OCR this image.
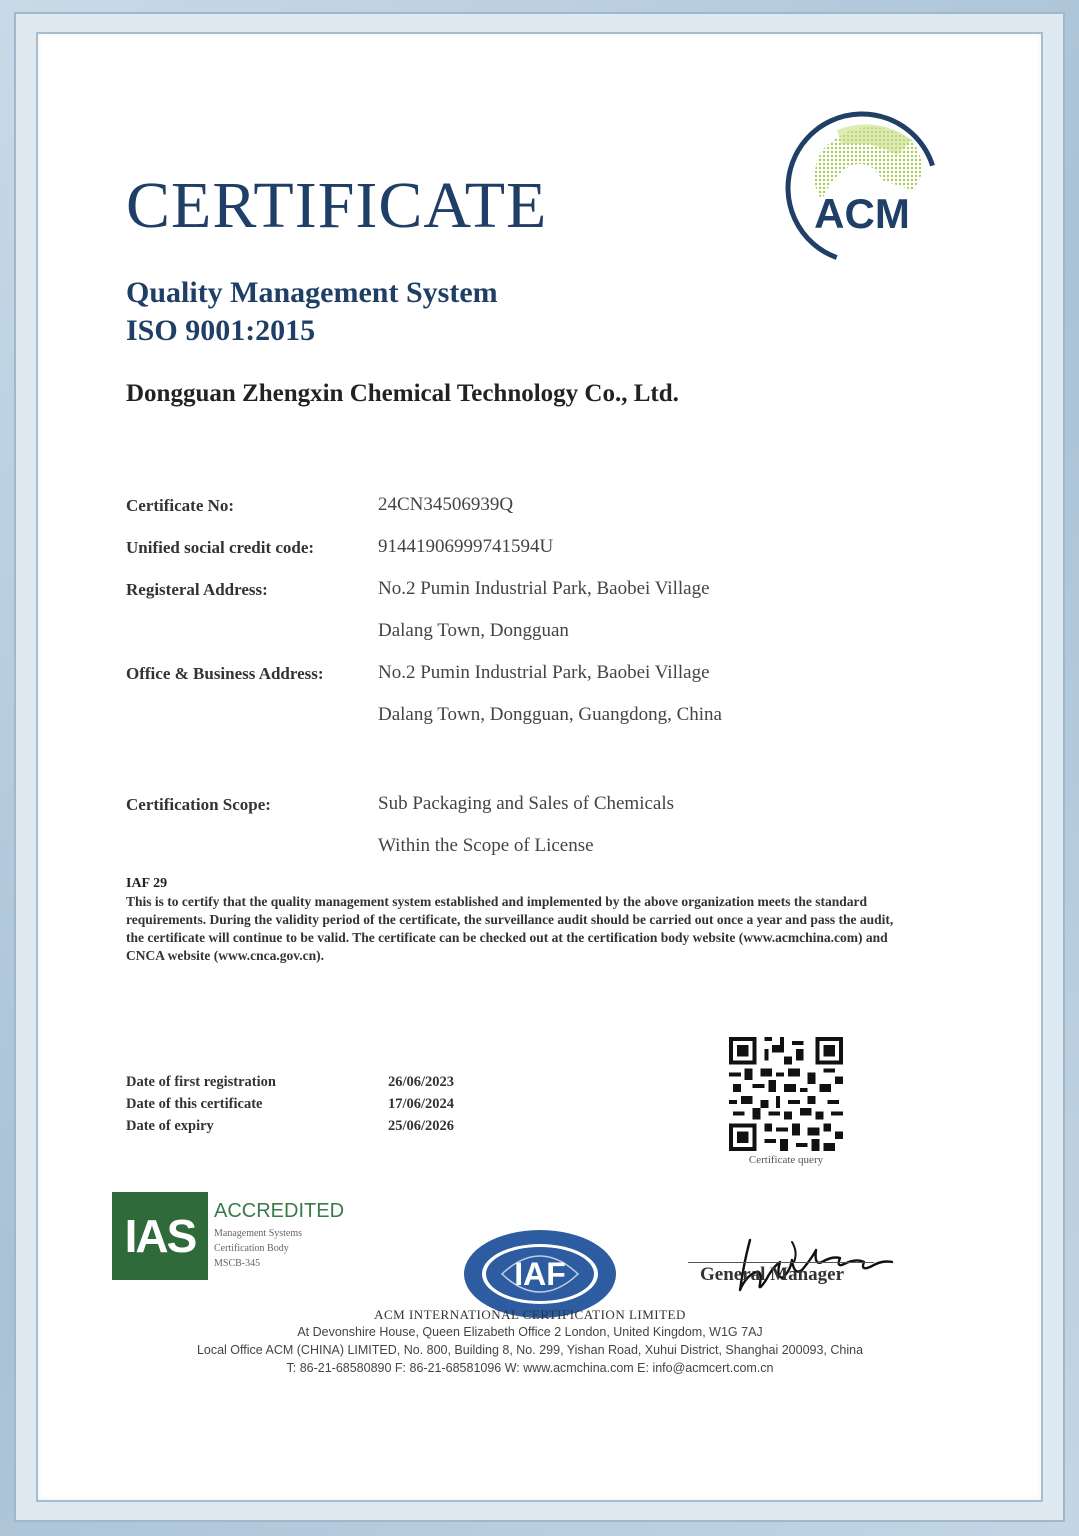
ACM
CERTIFICATE
Quality Management System
ISO 9001:2015
Dongguan Zhengxin Chemical Technology Co., Ltd.
Certificate No:	24CN34506939Q
Unified social credit code:	91441906999741594U
Registeral Address:	No.2 Pumin Industrial Park, Baobei Village
Dalang Town, Dongguan
Office & Business Address:	No.2 Pumin Industrial Park, Baobei Village
Dalang Town, Dongguan, Guangdong, China
Certification Scope:	Sub Packaging and Sales of Chemicals
Within the Scope of License
IAF 29
This is to certify that the quality management system established and implemented by the above organization meets the standard requirements. During the validity period of the certificate, the surveillance audit should be carried out once a year and pass the audit, the certificate will continue to be valid. The certificate can be checked out at the certification body website (www.acmchina.com) and CNCA website (www.cnca.gov.cn).
Date of first registration	26/06/2023
Date of this certificate	17/06/2024
Date of expiry	25/06/2026
Certificate query
IAS ACCREDITED
Management Systems
Certification Body
MSCB-345	IAF	General Manager
ACM INTERNATIONAL CERTIFICATION LIMITED
At Devonshire House, Queen Elizabeth Office 2 London, United Kingdom, W1G 7AJ
Local Office ACM (CHINA) LIMITED, No. 800, Building 8, No. 299, Yishan Road, Xuhui District, Shanghai 200093, China
T: 86-21-68580890 F: 86-21-68581096 W: www.acmchina.com E: info@acmcert.com.cn
